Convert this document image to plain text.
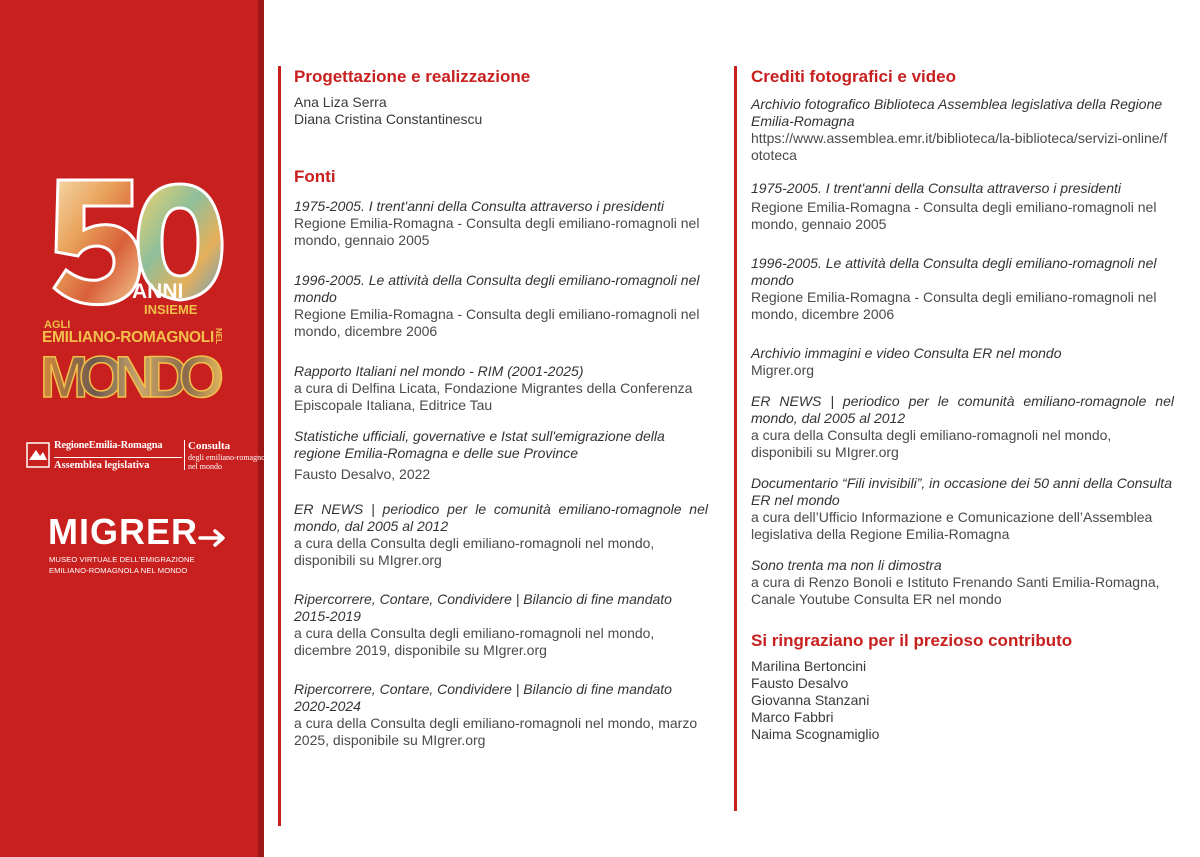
ANNI
INSIEME
AGLI
EMILIANO-ROMAGNOLI NEL
MONDO
RegioneEmilia-Romagna
Assemblea legislativa
Consulta
degli emiliano-romagnoli
nel mondo
MIGRER
MUSEO VIRTUALE DELL'EMIGRAZIONE
EMILIANO-ROMAGNOLA NEL MONDO
Progettazione e realizzazione
Ana Liza Serra
Diana Cristina Constantinescu
Fonti
1975-2005. I trent'anni della Consulta attraverso i presidenti
Regione Emilia-Romagna - Consulta degli emiliano-romagnoli nel mondo, gennaio 2005
1996-2005. Le attività della Consulta degli emiliano-romagnoli nel mondo
Regione Emilia-Romagna - Consulta degli emiliano-romagnoli nel mondo, dicembre 2006
Rapporto Italiani nel mondo - RIM (2001-2025)
a cura di Delfina Licata, Fondazione Migrantes della Conferenza Episcopale Italiana, Editrice Tau
Statistiche ufficiali, governative e Istat sull'emigrazione della regione Emilia-Romagna e delle sue Province
Fausto Desalvo, 2022
ER NEWS | periodico per le comunità emiliano-romagnole nel mondo, dal 2005 al 2012
a cura della Consulta degli emiliano-romagnoli nel mondo, disponibili su MIgrer.org
Ripercorrere, Contare, Condividere | Bilancio di fine mandato 2015-2019
a cura della Consulta degli emiliano-romagnoli nel mondo, dicembre 2019, disponibile su MIgrer.org
Ripercorrere, Contare, Condividere | Bilancio di fine mandato 2020-2024
a cura della Consulta degli emiliano-romagnoli nel mondo, marzo 2025, disponibile su MIgrer.org
Crediti fotografici e video
Archivio fotografico Biblioteca Assemblea legislativa della Regione Emilia-Romagna
https://www.assemblea.emr.it/biblioteca/la-biblioteca/servizi-online/fototeca
1975-2005. I trent'anni della Consulta attraverso i presidenti
Regione Emilia-Romagna - Consulta degli emiliano-romagnoli nel mondo, gennaio 2005
1996-2005. Le attività della Consulta degli emiliano-romagnoli nel mondo
Regione Emilia-Romagna - Consulta degli emiliano-romagnoli nel mondo, dicembre 2006
Archivio immagini e video Consulta ER nel mondo
Migrer.org
ER NEWS | periodico per le comunità emiliano-romagnole nel mondo, dal 2005 al 2012
a cura della Consulta degli emiliano-romagnoli nel mondo, disponibili su MIgrer.org
Documentario “Fili invisibili”, in occasione dei 50 anni della Consulta ER nel mondo
a cura dell’Ufficio Informazione e Comunicazione dell’Assemblea legislativa della Regione Emilia-Romagna
Sono trenta ma non li dimostra
a cura di Renzo Bonoli e Istituto Frenando Santi Emilia-Romagna, Canale Youtube Consulta ER nel mondo
Si ringraziano per il prezioso contributo
Marilina Bertoncini
Fausto Desalvo
Giovanna Stanzani
Marco Fabbri
Naima Scognamiglio
